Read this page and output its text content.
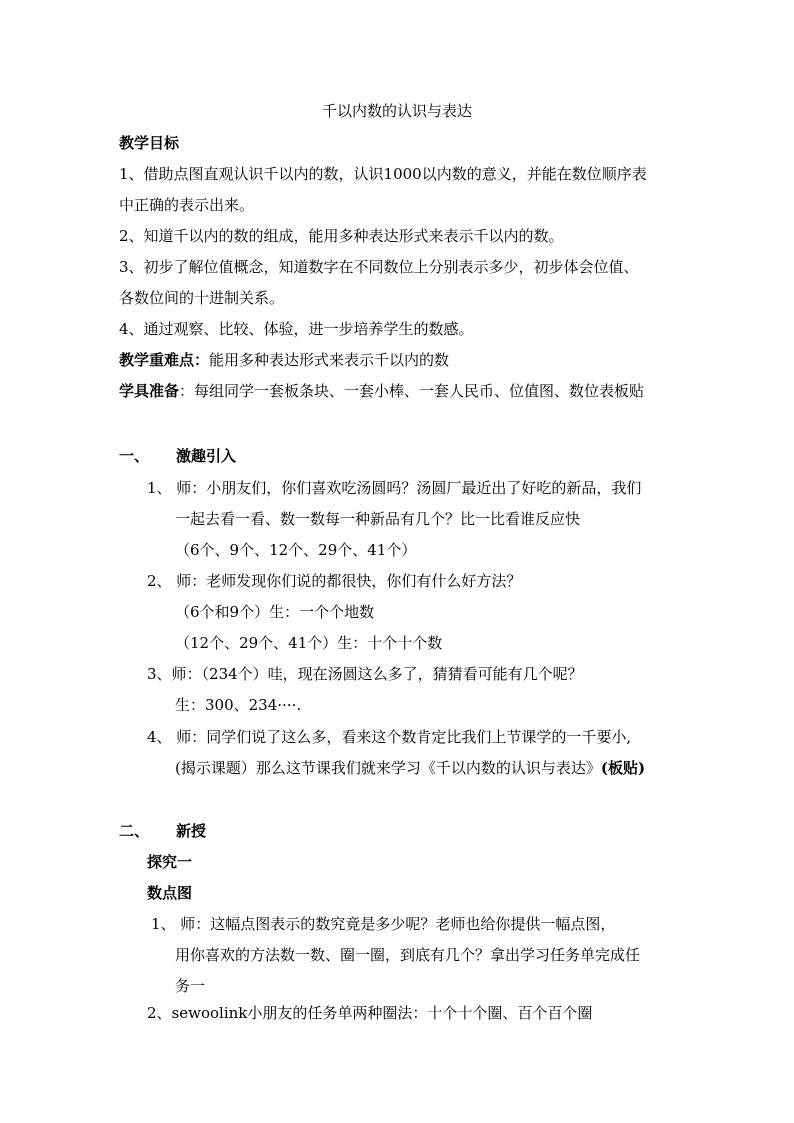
千以内数的认识与表达
教学目标
1、借助点图直观认识千以内的数，认识1000以内数的意义，并能在数位顺序表
中正确的表示出来。
2、知道千以内的数的组成，能用多种表达形式来表示千以内的数。
3、初步了解位值概念，知道数字在不同数位上分别表示多少，初步体会位值、
各数位间的十进制关系。
4、通过观察、比较、体验，进一步培养学生的数感。
教学重难点：能用多种表达形式来表示千以内的数
学具准备：每组同学一套板条块、一套小棒、一套人民币、位值图、数位表板贴
一、 激趣引入
1、 师：小朋友们，你们喜欢吃汤圆吗？汤圆厂最近出了好吃的新品，我们
一起去看一看、数一数每一种新品有几个？比一比看谁反应快
（6个、9个、12个、29个、41个）
2、 师：老师发现你们说的都很快，你们有什么好方法？
（6个和9个）生：一个个地数
（12个、29个、41个）生：十个十个数
3、师：（234个）哇，现在汤圆这么多了，猜猜看可能有几个呢？
生：300、234····.
4、 师：同学们说了这么多，看来这个数肯定比我们上节课学的一千要小,
(揭示课题）那么这节课我们就来学习《千以内数的认识与表达》(板贴)
二、 新授
探究一
数点图
1、 师：这幅点图表示的数究竟是多少呢？老师也给你提供一幅点图，
用你喜欢的方法数一数、圈一圈，到底有几个？拿出学习任务单完成任
务一
2、sewoolink小朋友的任务单两种圈法：十个十个圈、百个百个圈
